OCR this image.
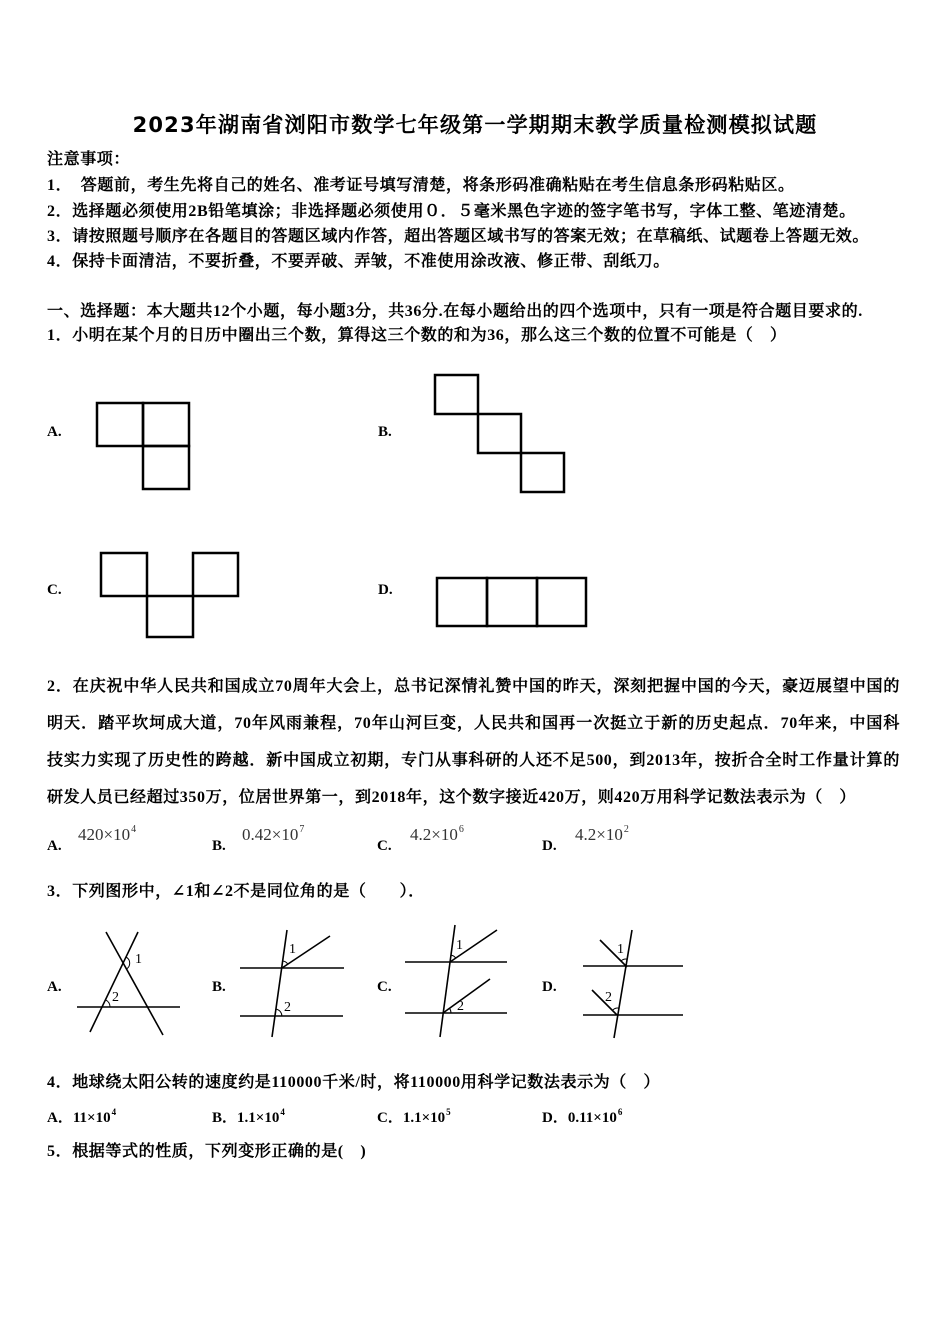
2023年湖南省浏阳市数学七年级第一学期期末教学质量检测模拟试题
注意事项：
1．　答题前，考生先将自己的姓名、准考证号填写清楚，将条形码准确粘贴在考生信息条形码粘贴区。
2．选择题必须使用2B铅笔填涂；非选择题必须使用０．５毫米黑色字迹的签字笔书写，字体工整、笔迹清楚。
3．请按照题号顺序在各题目的答题区域内作答，超出答题区域书写的答案无效；在草稿纸、试题卷上答题无效。
4．保持卡面清洁，不要折叠，不要弄破、弄皱，不准使用涂改液、修正带、刮纸刀。
一、选择题：本大题共12个小题，每小题3分，共36分.在每小题给出的四个选项中，只有一项是符合题目要求的.
1．小明在某个月的日历中圈出三个数，算得这三个数的和为36，那么这三个数的位置不可能是（　）
A.	B.
C.	D.
2．在庆祝中华人民共和国成立70周年大会上，总书记深情礼赞中国的昨天，深刻把握中国的今天，豪迈展望中国的
明天．踏平坎坷成大道，70年风雨兼程，70年山河巨变，人民共和国再一次挺立于新的历史起点．70年来，中国科
技实力实现了历史性的跨越．新中国成立初期，专门从事科研的人还不足500，到2013年，按折合全时工作量计算的
研发人员已经超过350万，位居世界第一，到2018年，这个数字接近420万，则420万用科学记数法表示为（　）
A.
$420\times 10^4$
B.
$0.42\times 10^7$
C.
$4.2\times 10^6$
D.
$4.2\times 10^2$
3．下列图形中，∠1和∠2不是同位角的是（　　）．
A.
1
2
B.
1
2
C.
1
2
D.
1
2
4．地球绕太阳公转的速度约是110000千米/时，将110000用科学记数法表示为（　）
A．$11\times 10^4$	B．$1.1\times 10^4$	C．$1.1\times 10^5$	D．$0.11\times 10^6$
5．根据等式的性质，下列变形正确的是(　)
